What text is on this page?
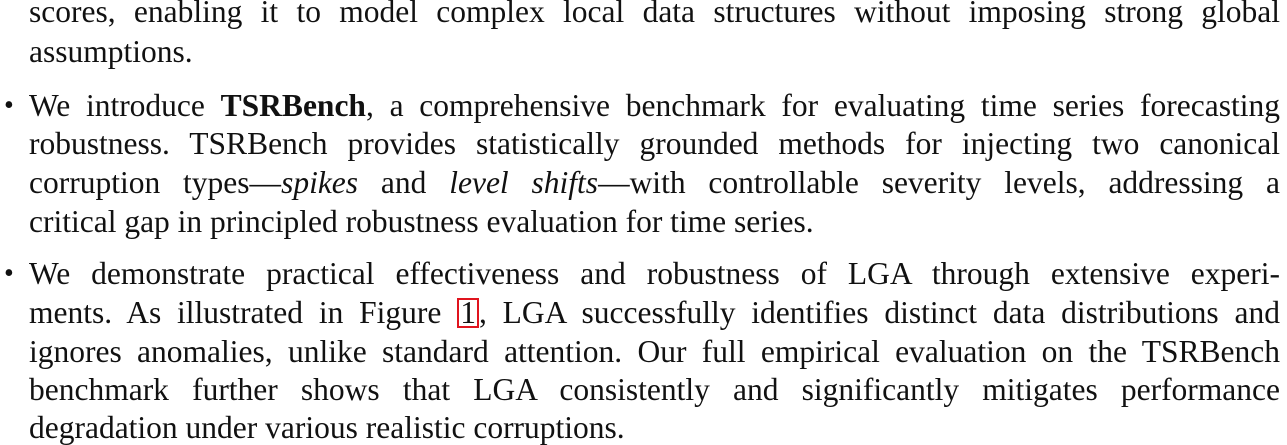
scores, enabling it to model complex local data structures without imposing strong global
assumptions.
• We introduce TSRBench, a comprehensive benchmark for evaluating time series forecasting
robustness. TSRBench provides statistically grounded methods for injecting two canonical
corruption types—spikes and level shifts—with controllable severity levels, addressing a
critical gap in principled robustness evaluation for time series.
• We demonstrate practical effectiveness and robustness of LGA through extensive experi-
ments. As illustrated in Figure 1, LGA successfully identifies distinct data distributions and
ignores anomalies, unlike standard attention. Our full empirical evaluation on the TSRBench
benchmark further shows that LGA consistently and significantly mitigates performance
degradation under various realistic corruptions.
